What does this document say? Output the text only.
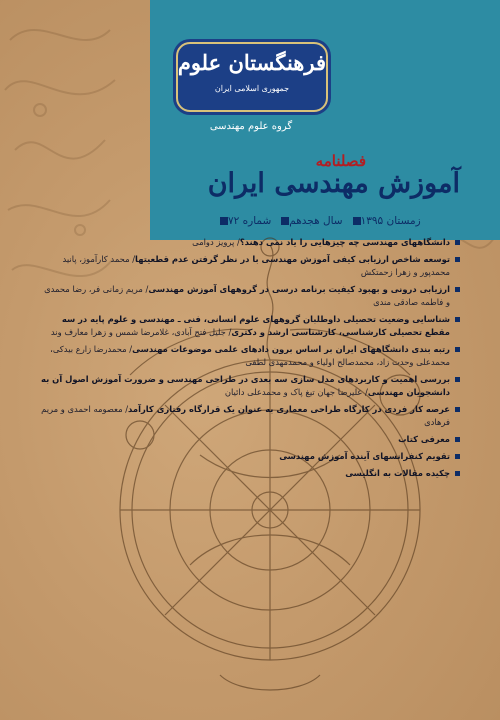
فرهنگستان علوم
جمهوری اسلامی ایران
گروه علوم مهندسی
فصلنامه
آموزش مهندسی ایران
شماره ۷۲ سال هجدهم زمستان ۱۳۹۵
دانشگاههای مهندسی چه چیزهایی را یاد نمی دهند؟/ پرویز دوامی
توسعه شاخص ارزیابی کیفی آموزش مهندسی با در نظر گرفتن عدم قطعیتها/ محمد کارآموز، پانید محمدپور و زهرا زحمتکش
ارزیابی درونی و بهبود کیفیت برنامه درسی در گروههای آموزش مهندسی/ مریم زمانی فر، رضا محمدی و فاطمه صادقی مندی
شناسایی وضعیت تحصیلی داوطلبان گروههای علوم انسانی، فنی ـ مهندسی و علوم پایه در سه مقطع تحصیلی کارشناسی، کارشناسی ارشد و دکتری/ جلیل فتح آبادی، غلامرضا شمس و زهرا معارف وند
رتبه بندی دانشگاههای ایران بر اساس برون دادهای علمی موضوعات مهندسی/ محمدرضا زارع بیدکی، محمدعلی وحدت زاد، محمدصالح اولیاء و محمدمهدی لطفی
بررسی اهمیت و کاربردهای مدل سازی سه بعدی در طراحی مهندسی و ضرورت آموزش اصول آن به دانشجویان مهندسی/ علیرضا جهان تیغ پاک و محمدعلی دائیان
عرصه کار فردی در کارگاه طراحی معماری به عنوان یک قرارگاه رفتاری کارآمد/ معصومه احمدی و مریم فرهادی
معرفی کتاب
تقویم کنفرانسهای آینده آموزش مهندسی
چکیده مقالات به انگلیسی
